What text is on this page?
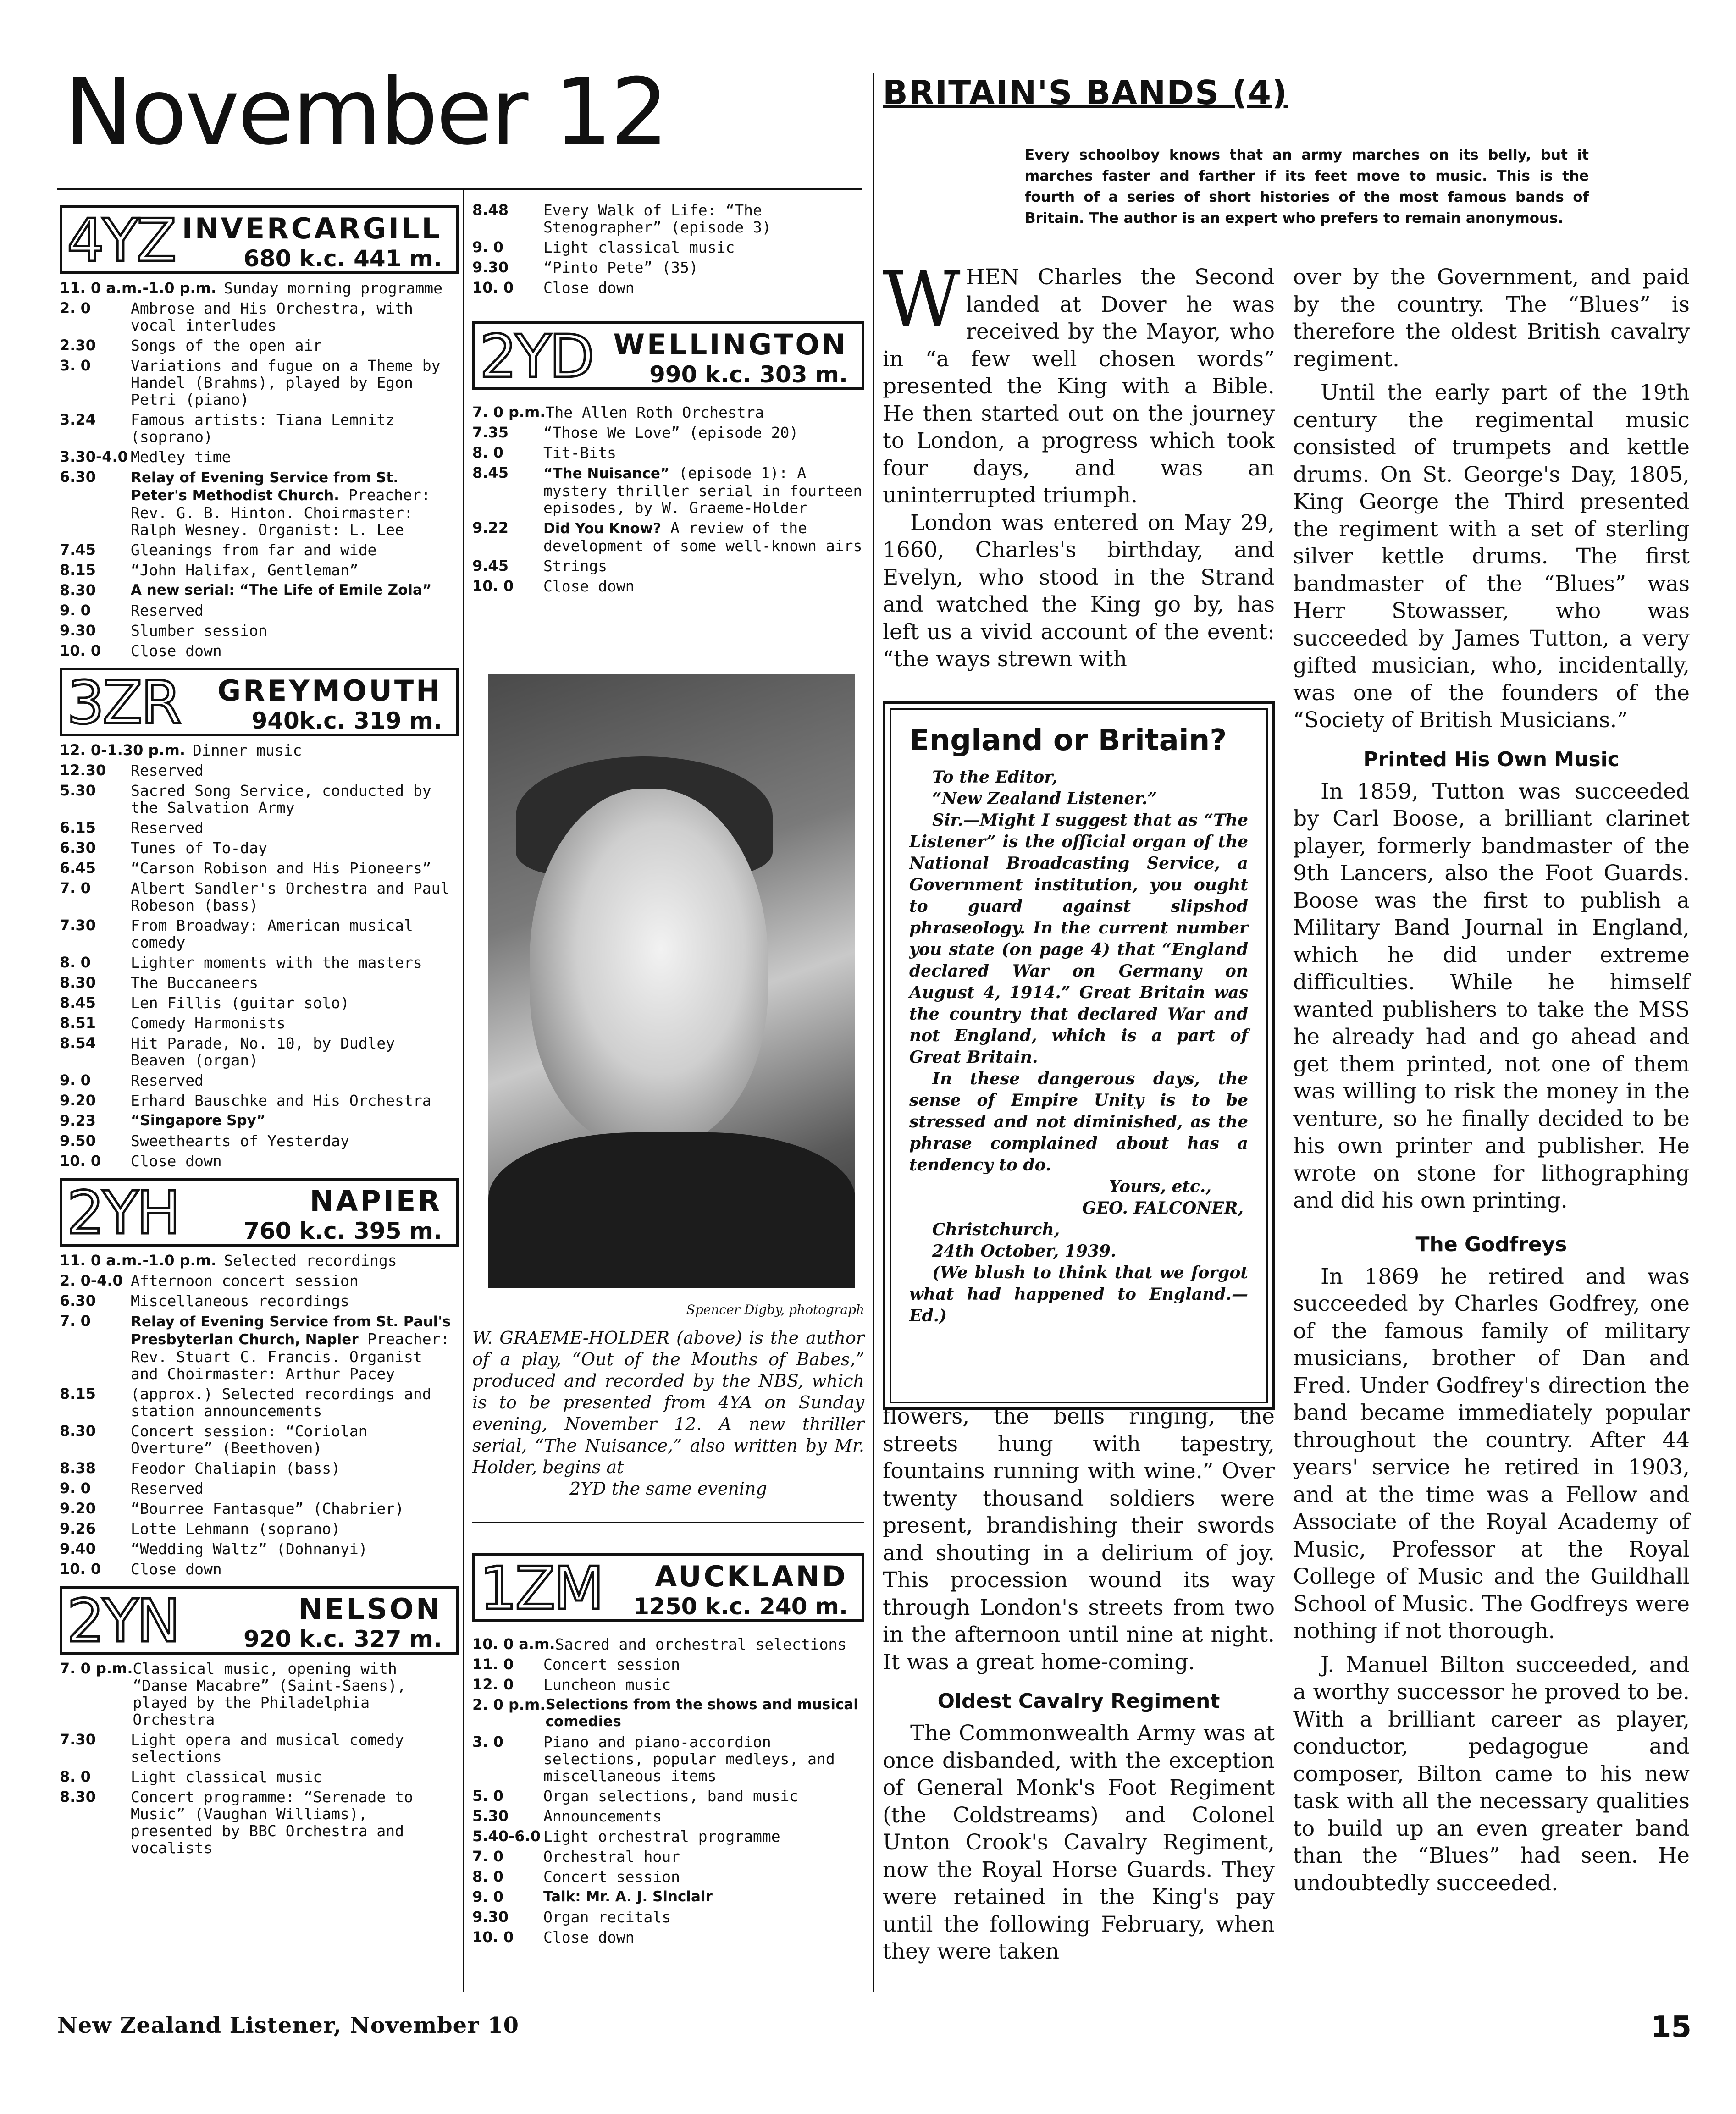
November 12
4YZ INVERCARGILL
680 k.c. 441 m.
11. 0 a.m.-1.0 p.m. Sunday morning programme
2. 0	Ambrose and His Orchestra, with vocal interludes
2.30	Songs of the open air
3. 0	Variations and fugue on a Theme by Handel (Brahms), played by Egon Petri (piano)
3.24	Famous artists: Tiana Lemnitz (soprano)
3.30-4.0 Medley time
6.30	Relay of Evening Service from St. Peter's Methodist Church. Preacher: Rev. G. B. Hinton. Choirmaster: Ralph Wesney. Organist: L. Lee
7.45	Gleanings from far and wide
8.15	“John Halifax, Gentleman”
8.30	A new serial: “The Life of Emile Zola”
9. 0	Reserved
9.30	Slumber session
10. 0	Close down
3ZR GREYMOUTH
940k.c. 319 m.
12. 0-1.30 p.m. Dinner music
12.30	Reserved
5.30	Sacred Song Service, conducted by the Salvation Army
6.15	Reserved
6.30	Tunes of To-day
6.45	“Carson Robison and His Pioneers”
7. 0	Albert Sandler's Orchestra and Paul Robeson (bass)
7.30	From Broadway: American musical comedy
8. 0	Lighter moments with the masters
8.30	The Buccaneers
8.45	Len Fillis (guitar solo)
8.51	Comedy Harmonists
8.54	Hit Parade, No. 10, by Dudley Beaven (organ)
9. 0	Reserved
9.20	Erhard Bauschke and His Orchestra
9.23	“Singapore Spy”
9.50	Sweethearts of Yesterday
10. 0	Close down
2YH	NAPIER
760 k.c. 395 m.
11. 0 a.m.-1.0 p.m. Selected recordings
2. 0-4.0 Afternoon concert session
6.30	Miscellaneous recordings
7. 0	Relay of Evening Service from St. Paul's Presbyterian Church, Napier Preacher: Rev. Stuart C. Francis. Organist and Choirmaster: Arthur Pacey
8.15	(approx.) Selected recordings and station announcements
8.30	Concert session: “Coriolan Overture” (Beethoven)
8.38	Feodor Chaliapin (bass)
9. 0	Reserved
9.20	“Bourree Fantasque” (Chabrier)
9.26	Lotte Lehmann (soprano)
9.40	“Wedding Waltz” (Dohnanyi)
10. 0	Close down
2YN	NELSON
920 k.c. 327 m.
7. 0 p.m. Classical music, opening with “Danse Macabre” (Saint-Saens), played by the Philadelphia Orchestra
7.30	Light opera and musical comedy selections
8. 0	Light classical music
8.30	Concert programme: “Serenade to Music” (Vaughan Williams), presented by BBC Orchestra and vocalists
8.48	Every Walk of Life: “The Stenographer” (episode 3)
9. 0	Light classical music
9.30	“Pinto Pete” (35)
10. 0	Close down
2YD WELLINGTON
990 k.c. 303 m.
7. 0 p.m. The Allen Roth Orchestra
7.35	“Those We Love” (episode 20)
8. 0	Tit-Bits
8.45	“The Nuisance” (episode 1): A mystery thriller serial in fourteen episodes, by W. Graeme-Holder
9.22	Did You Know? A review of the development of some well-known airs
9.45	Strings
10. 0	Close down
Spencer Digby, photograph
W. GRAEME-HOLDER (above) is the author of a play, “Out of the Mouths of Babes,” produced and recorded by the NBS, which is to be presented from 4YA on Sunday evening, November 12. A new thriller serial, “The Nuisance,” also written by Mr. Holder, begins at
2YD the same evening
1ZM AUCKLAND
1250 k.c. 240 m.
10. 0 a.m. Sacred and orchestral selections
11. 0	Concert session
12. 0	Luncheon music
2. 0 p.m. Selections from the shows and musical comedies
3. 0	Piano and piano-accordion selections, popular medleys, and miscellaneous items
5. 0	Organ selections, band music
5.30	Announcements
5.40-6.0 Light orchestral programme
7. 0	Orchestral hour
8. 0	Concert session
9. 0	Talk: Mr. A. J. Sinclair
9.30	Organ recitals
10. 0	Close down
BRITAIN'S BANDS (4)
Every schoolboy knows that an army marches on its belly, but it marches faster and farther if its feet move to music. This is the fourth of a series of short histories of the most famous bands of Britain. The author is an expert who prefers to remain anonymous.

WHEN Charles the Second landed at Dover he was received by the Mayor, who in “a few well chosen words” presented the King with a Bible. He then started out on the journey to London, a progress which took four days, and was an uninterrupted triumph.

London was entered on May 29, 1660, Charles's birthday, and Evelyn, who stood in the Strand and watched the King go by, has left us a vivid account of the event: “the ways strewn with

England or Britain?

To the Editor,

“New Zealand Listener.”

Sir.—Might I suggest that as “The Listener” is the official organ of the National Broadcasting Service, a Government institution, you ought to guard against slipshod phraseology. In the current number you state (on page 4) that “England declared War on Germany on August 4, 1914.” Great Britain was the country that declared War and not England, which is a part of Great Britain.

In these dangerous days, the sense of Empire Unity is to be stressed and not diminished, as the phrase complained about has a tendency to do.

Yours, etc.,

GEO. FALCONER,

Christchurch,

24th October, 1939.

(We blush to think that we forgot what had happened to England.—Ed.)

flowers, the bells ringing, the streets hung with tapestry, fountains running with wine.” Over twenty thousand soldiers were present, brandishing their swords and shouting in a delirium of joy. This procession wound its way through London's streets from two in the afternoon until nine at night. It was a great home-coming.

Oldest Cavalry Regiment

The Commonwealth Army was at once disbanded, with the exception of General Monk's Foot Regiment (the Coldstreams) and Colonel Unton Crook's Cavalry Regiment, now the Royal Horse Guards. They were retained in the King's pay until the following February, when they were taken

over by the Government, and paid by the country. The “Blues” is therefore the oldest British cavalry regiment.

Until the early part of the 19th century the regimental music consisted of trumpets and kettle drums. On St. George's Day, 1805, King George the Third presented the regiment with a set of sterling silver kettle drums. The first bandmaster of the “Blues” was Herr Stowasser, who was succeeded by James Tutton, a very gifted musician, who, incidentally, was one of the founders of the “Society of British Musicians.”

Printed His Own Music

In 1859, Tutton was succeeded by Carl Boose, a brilliant clarinet player, formerly bandmaster of the 9th Lancers, also the Foot Guards. Boose was the first to publish a Military Band Journal in England, which he did under extreme difficulties. While he himself wanted publishers to take the MSS he already had and go ahead and get them printed, not one of them was willing to risk the money in the venture, so he finally decided to be his own printer and publisher. He wrote on stone for lithographing and did his own printing.

The Godfreys

In 1869 he retired and was succeeded by Charles Godfrey, one of the famous family of military musicians, brother of Dan and Fred. Under Godfrey's direction the band became immediately popular throughout the country. After 44 years' service he retired in 1903, and at the time was a Fellow and Associate of the Royal Academy of Music, Professor at the Royal College of Music and the Guildhall School of Music. The Godfreys were nothing if not thorough.

J. Manuel Bilton succeeded, and a worthy successor he proved to be. With a brilliant career as player, conductor, pedagogue and composer, Bilton came to his new task with all the necessary qualities to build up an even greater band than the “Blues” had seen. He undoubtedly succeeded.

New Zealand Listener, November 10	15
